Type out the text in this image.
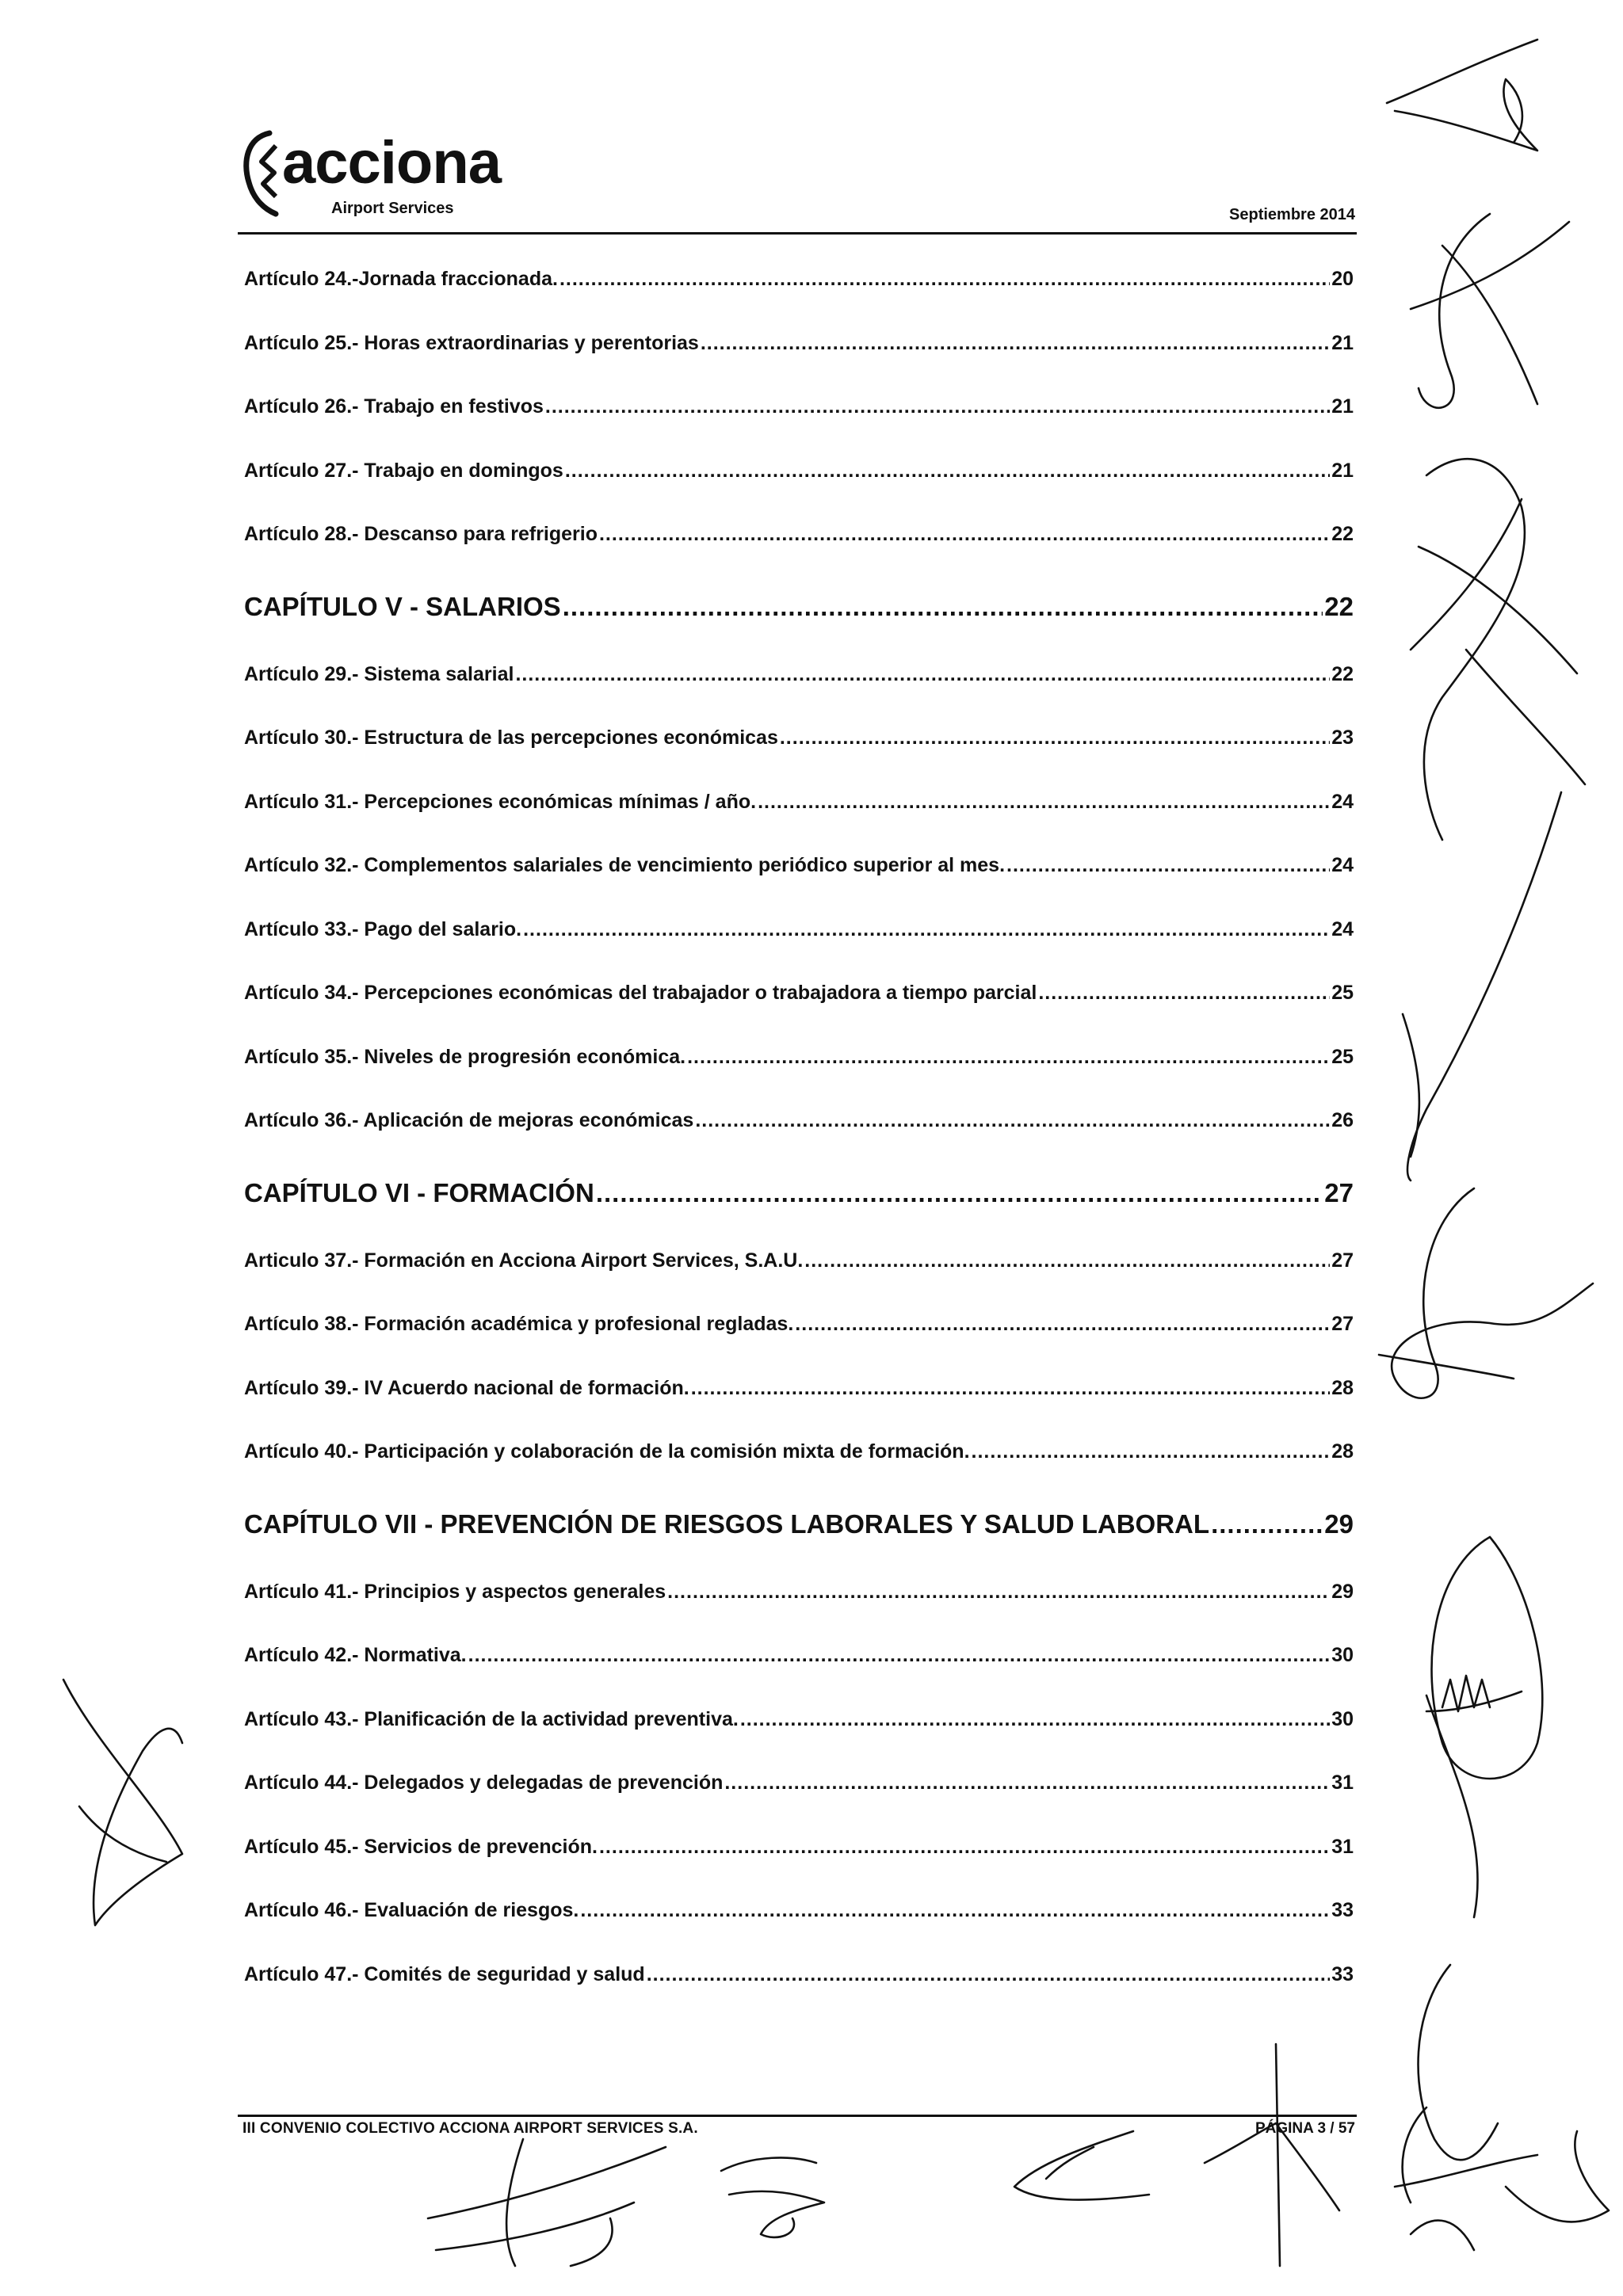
acciona
Airport Services	Septiembre 2014
Artículo 24.-Jornada fraccionada. .....	20
Artículo 25.- Horas extraordinarias y perentorias .....	21
Artículo 26.- Trabajo en festivos .....	21
Artículo 27.- Trabajo en domingos .....	21
Artículo 28.- Descanso para refrigerio .....	22
CAPÍTULO V - SALARIOS .....	22
Artículo 29.- Sistema salarial .....	22
Artículo 30.- Estructura de las percepciones económicas .....	23
Artículo 31.- Percepciones económicas mínimas / año. .....	24
Artículo 32.- Complementos salariales de vencimiento periódico superior al mes. .....	24
Artículo 33.- Pago del salario. .....	24
Artículo 34.- Percepciones económicas del trabajador o trabajadora a tiempo parcial .....	25
Artículo 35.- Niveles de progresión económica. .....	25
Artículo 36.- Aplicación de mejoras económicas .....	26
CAPÍTULO VI - FORMACIÓN .....	27
Articulo 37.- Formación en Acciona Airport Services, S.A.U. .....	27
Artículo 38.- Formación académica y profesional regladas. .....	27
Artículo 39.- IV Acuerdo nacional de formación. .....	28
Artículo 40.- Participación y colaboración de la comisión mixta de formación. .....	28
CAPÍTULO VII - PREVENCIÓN DE RIESGOS LABORALES Y SALUD LABORAL .....	29
Artículo 41.- Principios y aspectos generales .....	29
Artículo 42.- Normativa. .....	30
Artículo 43.- Planificación de la actividad preventiva. .....	30
Artículo 44.- Delegados y delegadas de prevención .....	31
Artículo 45.- Servicios de prevención. .....	31
Artículo 46.- Evaluación de riesgos. .....	33
Artículo 47.- Comités de seguridad y salud .....	33
III CONVENIO COLECTIVO ACCIONA AIRPORT SERVICES S.A.	PÁGINA 3 / 57
